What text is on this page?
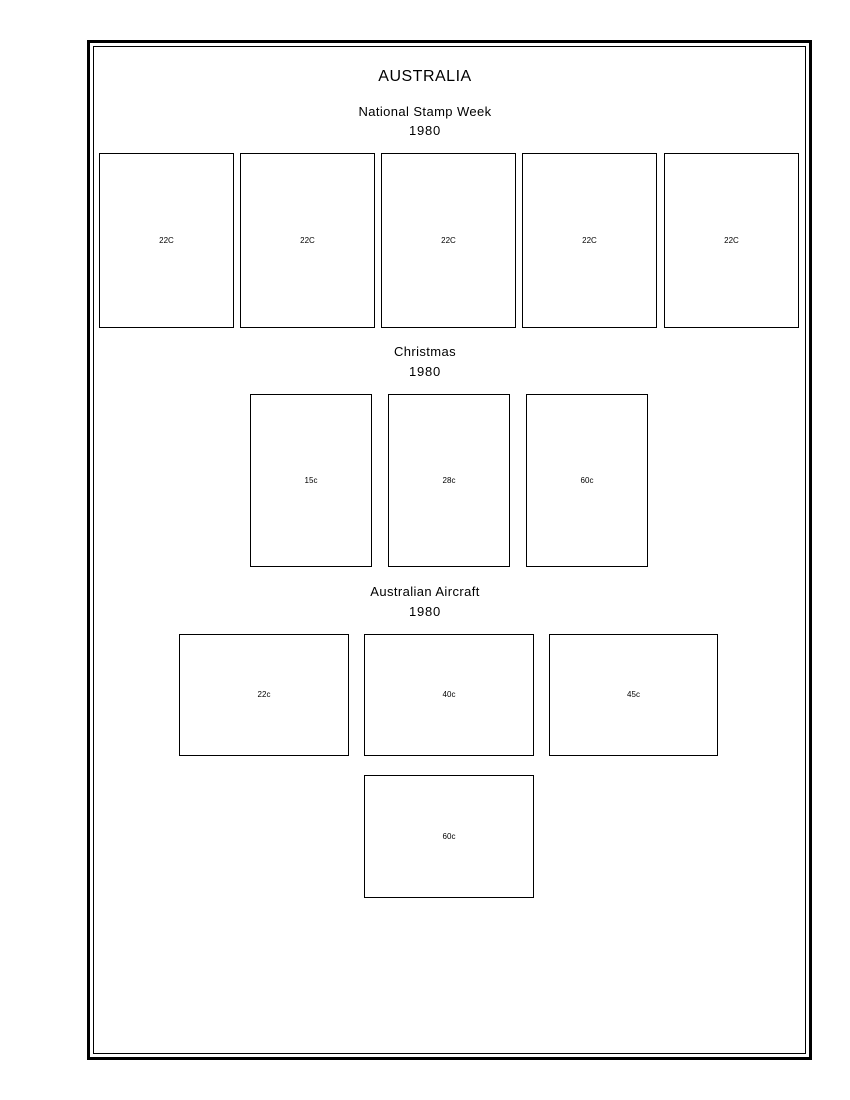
AUSTRALIA
National Stamp Week
1980
22C	22C	22C	22C	22C
Christmas
1980
15c	28c	60c
Australian Aircraft
1980
22c	40c	45c
60c
